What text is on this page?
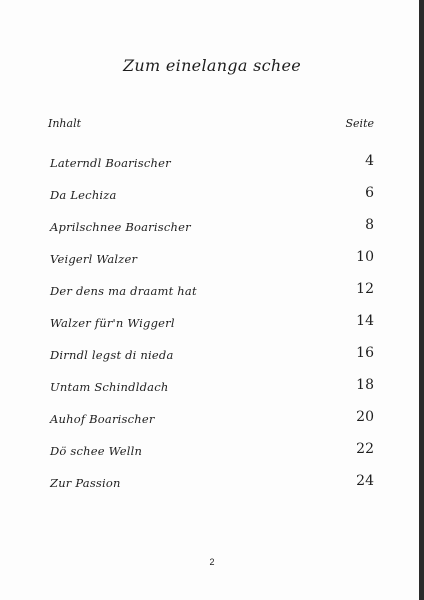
Zum einelanga schee
Inhalt	Seite
Laterndl Boarischer	4
Da Lechiza	6
Aprilschnee Boarischer	8
Veigerl Walzer	10
Der dens ma draamt hat	12
Walzer für'n Wiggerl	14
Dirndl legst di nieda	16
Untam Schindldach	18
Auhof Boarischer	20
Dö schee Welln	22
Zur Passion	24
2
